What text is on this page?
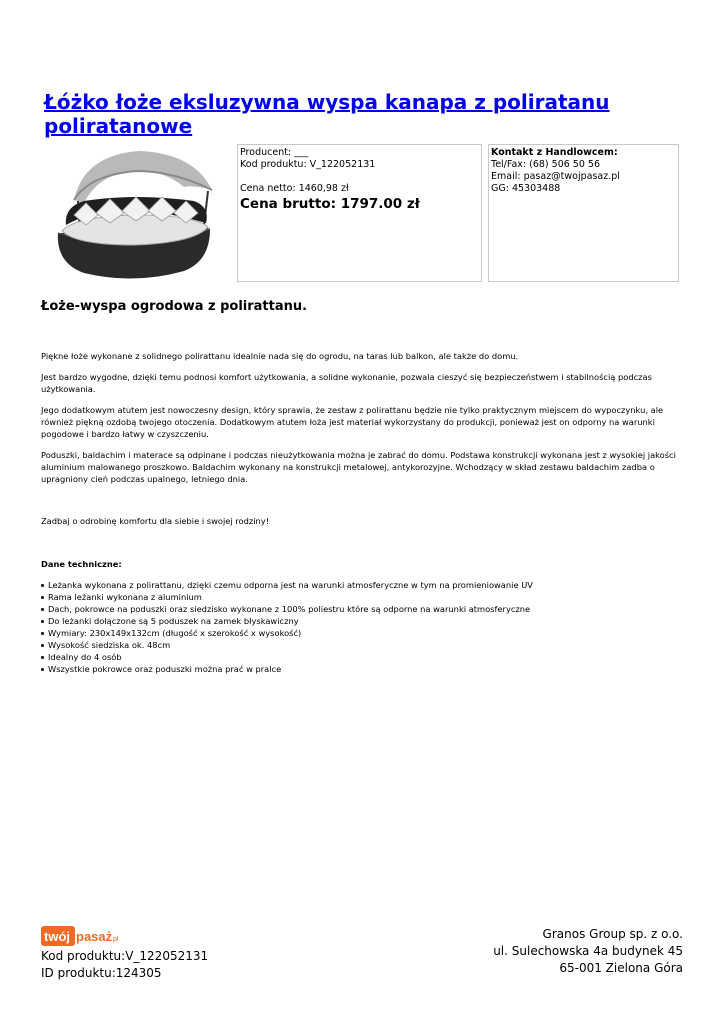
Łóżko łoże eksluzywna wyspa kanapa z poliratanu poliratanowe
Producent: ___
Kod produktu: V_122052131
Cena netto: 1460,98 zł
Cena brutto: 1797.00 zł
Kontakt z Handlowcem:
Tel/Fax: (68) 506 50 56
Email: pasaz@twojpasaz.pl
GG: 45303488
Łoże-wyspa ogrodowa z polirattanu.

Piękne łoże wykonane z solidnego polirattanu idealnie nada się do ogrodu, na taras lub balkon, ale także do domu.

Jest bardzo wygodne, dzięki temu podnosi komfort użytkowania, a solidne wykonanie, pozwala cieszyć się bezpieczeństwem i stabilnością podczas użytkowania.

Jego dodatkowym atutem jest nowoczesny design, który sprawia, że zestaw z polirattanu będzie nie tylko praktycznym miejscem do wypoczynku, ale również piękną ozdobą twojego otoczenia. Dodatkowym atutem łoża jest materiał wykorzystany do produkcji, ponieważ jest on odporny na warunki pogodowe i bardzo łatwy w czyszczeniu.

Poduszki, baldachim i materace są odpinane i podczas nieużytkowania można je zabrać do domu. Podstawa konstrukcji wykonana jest z wysokiej jakości aluminium malowanego proszkowo. Baldachim wykonany na konstrukcji metalowej, antykorozyjne. Wchodzący w skład zestawu baldachim zadba o upragniony cień podczas upalnego, letniego dnia.

Zadbaj o odrobinę komfortu dla siebie i swojej rodziny!

Dane techniczne:

Leżanka wykonana z polirattanu, dzięki czemu odporna jest na warunki atmosferyczne w tym na promieniowanie UV
Rama leżanki wykonana z aluminium
Dach, pokrowce na poduszki oraz siedzisko wykonane z 100% poliestru które są odporne na warunki atmosferyczne
Do leżanki dołączone są 5 poduszek na zamek błyskawiczny
Wymiary: 230x149x132cm (długość x szerokość x wysokość)
Wysokość siedziska ok. 48cm
Idealny do 4 osób
Wszystkie pokrowce oraz poduszki można prać w pralce
twój pasaż
.pl
Kod produktu:V_122052131
ID produktu:124305
Granos Group sp. z o.o.
ul. Sulechowska 4a budynek 45
65-001 Zielona Góra
